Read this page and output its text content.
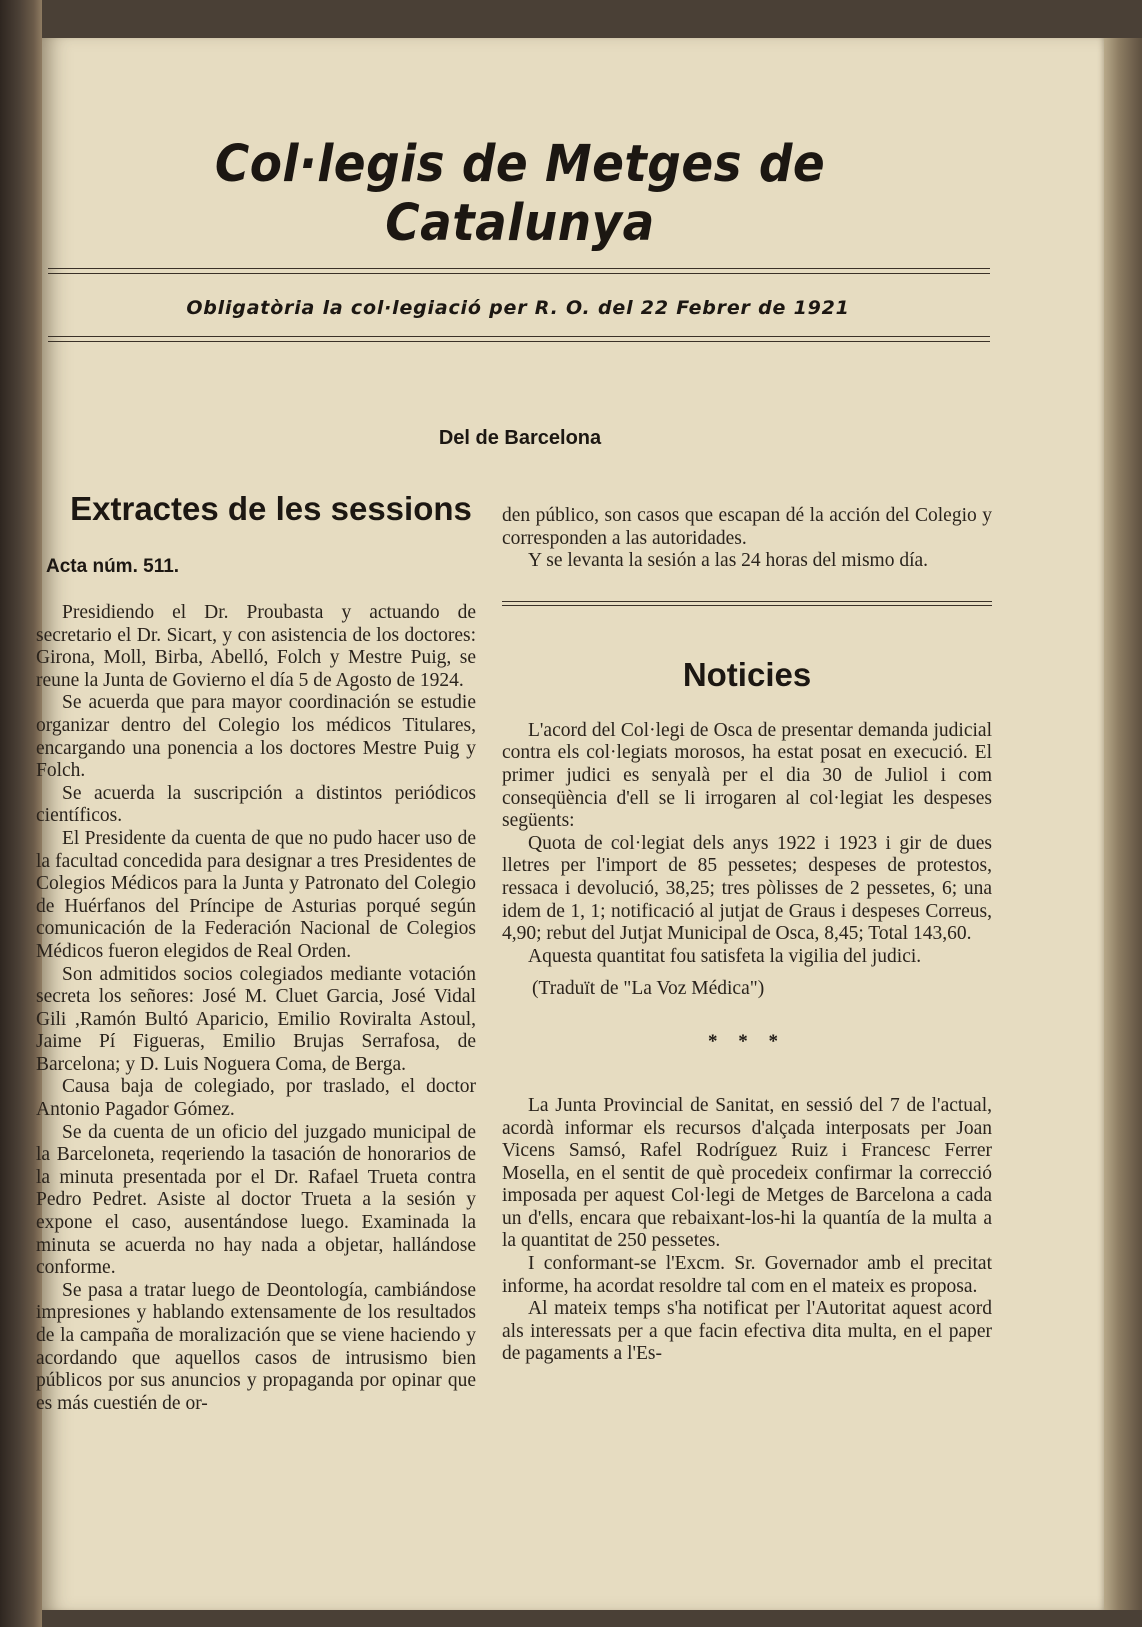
Col·legis de Metges de Catalunya
Obligatòria la col·legiació per R. O. del 22 Febrer de 1921
Del de Barcelona
Extractes de les sessions
Acta núm. 511.

Presidiendo el Dr. Proubasta y actuando de secretario el Dr. Sicart, y con asistencia de los doctores: Girona, Moll, Birba, Abelló, Folch y Mestre Puig, se reune la Junta de Govierno el día 5 de Agosto de 1924.

Se acuerda que para mayor coordinación se estudie organizar dentro del Colegio los médicos Titulares, encargando una ponencia a los doctores Mestre Puig y Folch.

Se acuerda la suscripción a distintos periódicos científicos.

El Presidente da cuenta de que no pudo hacer uso de la facultad concedida para designar a tres Presidentes de Colegios Médicos para la Junta y Patronato del Colegio de Huérfanos del Príncipe de Asturias porqué según comunicación de la Federación Nacional de Colegios Médicos fueron elegidos de Real Orden.

Son admitidos socios colegiados mediante votación secreta los señores: José M. Cluet Garcia, José Vidal Gili ,Ramón Bultó Aparicio, Emilio Roviralta Astoul, Jaime Pí Figueras, Emilio Brujas Serrafosa, de Barcelona; y D. Luis Noguera Coma, de Berga.

Causa baja de colegiado, por traslado, el doctor Antonio Pagador Gómez.

Se da cuenta de un oficio del juzgado municipal de la Barceloneta, reqeriendo la tasación de honorarios de la minuta presentada por el Dr. Rafael Trueta contra Pedro Pedret. Asiste al doctor Trueta a la sesión y expone el caso, ausentándose luego. Examinada la minuta se acuerda no hay nada a objetar, hallándose conforme.

Se pasa a tratar luego de Deontología, cambiándose impresiones y hablando extensamente de los resultados de la campaña de moralización que se viene haciendo y acordando que aquellos casos de intrusismo bien públicos por sus anuncios y propaganda por opinar que es más cuestién de or-

den público, son casos que escapan dé la acción del Colegio y corresponden a las autoridades.

Y se levanta la sesión a las 24 horas del mismo día.

Noticies

L'acord del Col·legi de Osca de presentar demanda judicial contra els col·legiats morosos, ha estat posat en execució. El primer judici es senyalà per el dia 30 de Juliol i com conseqüència d'ell se li irrogaren al col·legiat les despeses següents:

Quota de col·legiat dels anys 1922 i 1923 i gir de dues lletres per l'import de 85 pessetes; despeses de protestos, ressaca i devolució, 38,25; tres pòlisses de 2 pessetes, 6; una idem de 1, 1; notificació al jutjat de Graus i despeses Correus, 4,90; rebut del Jutjat Municipal de Osca, 8,45; Total 143,60.

Aquesta quantitat fou satisfeta la vigilia del judici.

(Traduït de "La Voz Médica")

* * *

La Junta Provincial de Sanitat, en sessió del 7 de l'actual, acordà informar els recursos d'alçada interposats per Joan Vicens Samsó, Rafel Rodríguez Ruiz i Francesc Ferrer Mosella, en el sentit de què procedeix confirmar la correcció imposada per aquest Col·legi de Metges de Barcelona a cada un d'ells, encara que rebaixant-los-hi la quantía de la multa a la quantitat de 250 pessetes.

I conformant-se l'Excm. Sr. Governador amb el precitat informe, ha acordat resoldre tal com en el mateix es proposa.

Al mateix temps s'ha notificat per l'Autoritat aquest acord als interessats per a que facin efectiva dita multa, en el paper de pagaments a l'Es-
